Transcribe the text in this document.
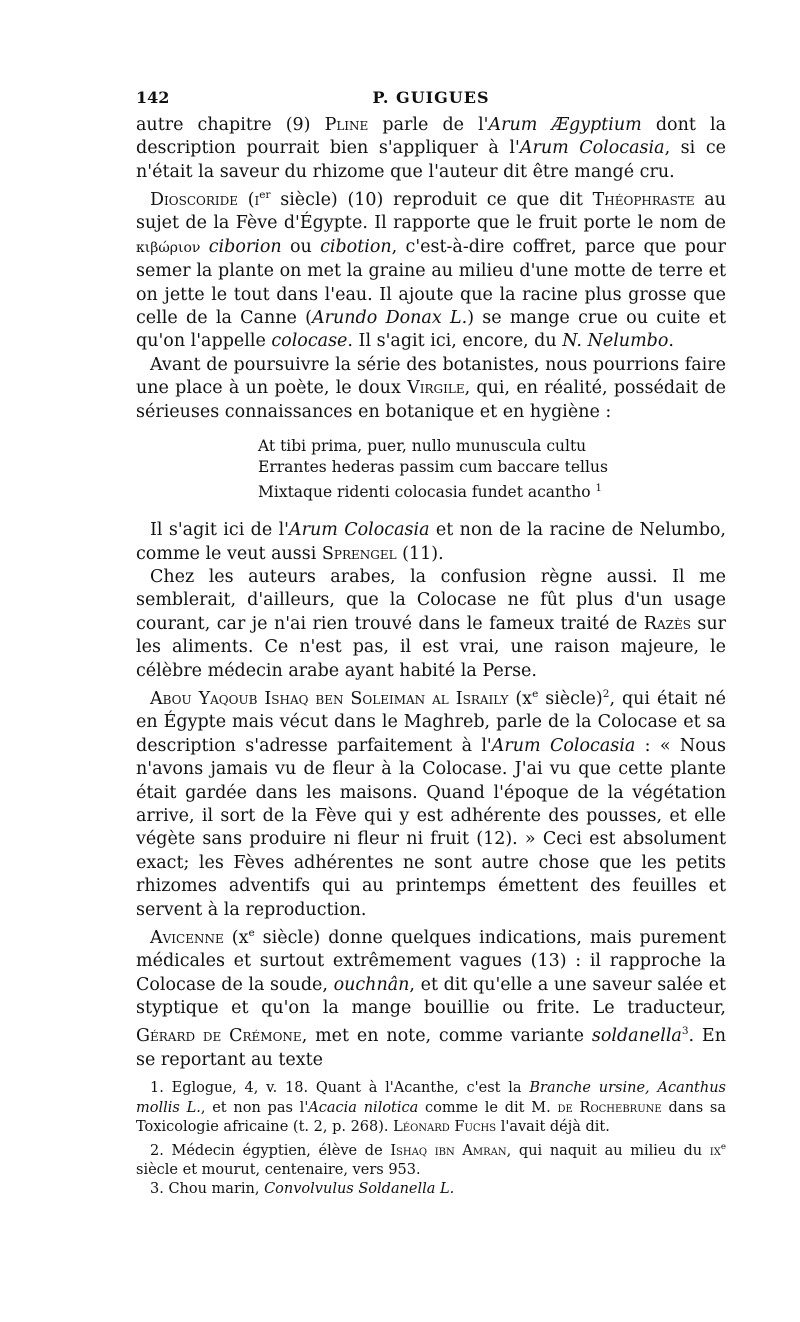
142	P. GUIGUES

autre chapitre (9) Pline parle de l'Arum Ægyptium dont la description pourrait bien s'appliquer à l'Arum Colocasia, si ce n'était la saveur du rhizome que l'auteur dit être mangé cru.

Dioscoride ($i^{er}$ siècle) (10) reproduit ce que dit Théophraste au sujet de la Fève d'Égypte. Il rapporte que le fruit porte le nom de κιβώριον ciborion ou cibotion, c'est-à-dire coffret, parce que pour semer la plante on met la graine au milieu d'une motte de terre et on jette le tout dans l'eau. Il ajoute que la racine plus grosse que celle de la Canne (Arundo Donax L.) se mange crue ou cuite et qu'on l'appelle colocase. Il s'agit ici, encore, du N. Nelumbo.

Avant de poursuivre la série des botanistes, nous pourrions faire une place à un poète, le doux Virgile, qui, en réalité, possédait de sérieuses connaissances en botanique et en hygiène :

At tibi prima, puer, nullo munuscula cultu
Errantes hederas passim cum baccare tellus
Mixtaque ridenti colocasia fundet acantho $^1$

Il s'agit ici de l'Arum Colocasia et non de la racine de Nelumbo, comme le veut aussi Sprengel (11).

Chez les auteurs arabes, la confusion règne aussi. Il me semblerait, d'ailleurs, que la Colocase ne fût plus d'un usage courant, car je n'ai rien trouvé dans le fameux traité de Razès sur les aliments. Ce n'est pas, il est vrai, une raison majeure, le célèbre médecin arabe ayant habité la Perse.

Abou Yaqoub Ishaq ben Soleiman al Israily ($x^e$ siècle)$^2$, qui était né en Égypte mais vécut dans le Maghreb, parle de la Colocase et sa description s'adresse parfaitement à l'Arum Colocasia : « Nous n'avons jamais vu de fleur à la Colocase. J'ai vu que cette plante était gardée dans les maisons. Quand l'époque de la végétation arrive, il sort de la Fève qui y est adhérente des pousses, et elle végète sans produire ni fleur ni fruit (12). » Ceci est absolument exact; les Fèves adhérentes ne sont autre chose que les petits rhizomes adventifs qui au printemps émettent des feuilles et servent à la reproduction.

Avicenne ($x^e$ siècle) donne quelques indications, mais purement médicales et surtout extrêmement vagues (13) : il rapproche la Colocase de la soude, ouchnân, et dit qu'elle a une saveur salée et styptique et qu'on la mange bouillie ou frite. Le traducteur, Gérard de Crémone, met en note, comme variante soldanella$^3$. En se reportant au texte

1. Eglogue, 4, v. 18. Quant à l'Acanthe, c'est la Branche ursine, Acanthus mollis L., et non pas l'Acacia nilotica comme le dit M. de Rochebrune dans sa Toxicologie africaine (t. 2, p. 268). Léonard Fuchs l'avait déjà dit.

2. Médecin égyptien, élève de Ishaq ibn Amran, qui naquit au milieu du $ix^e$ siècle et mourut, centenaire, vers 953.

3. Chou marin, Convolvulus Soldanella L.
